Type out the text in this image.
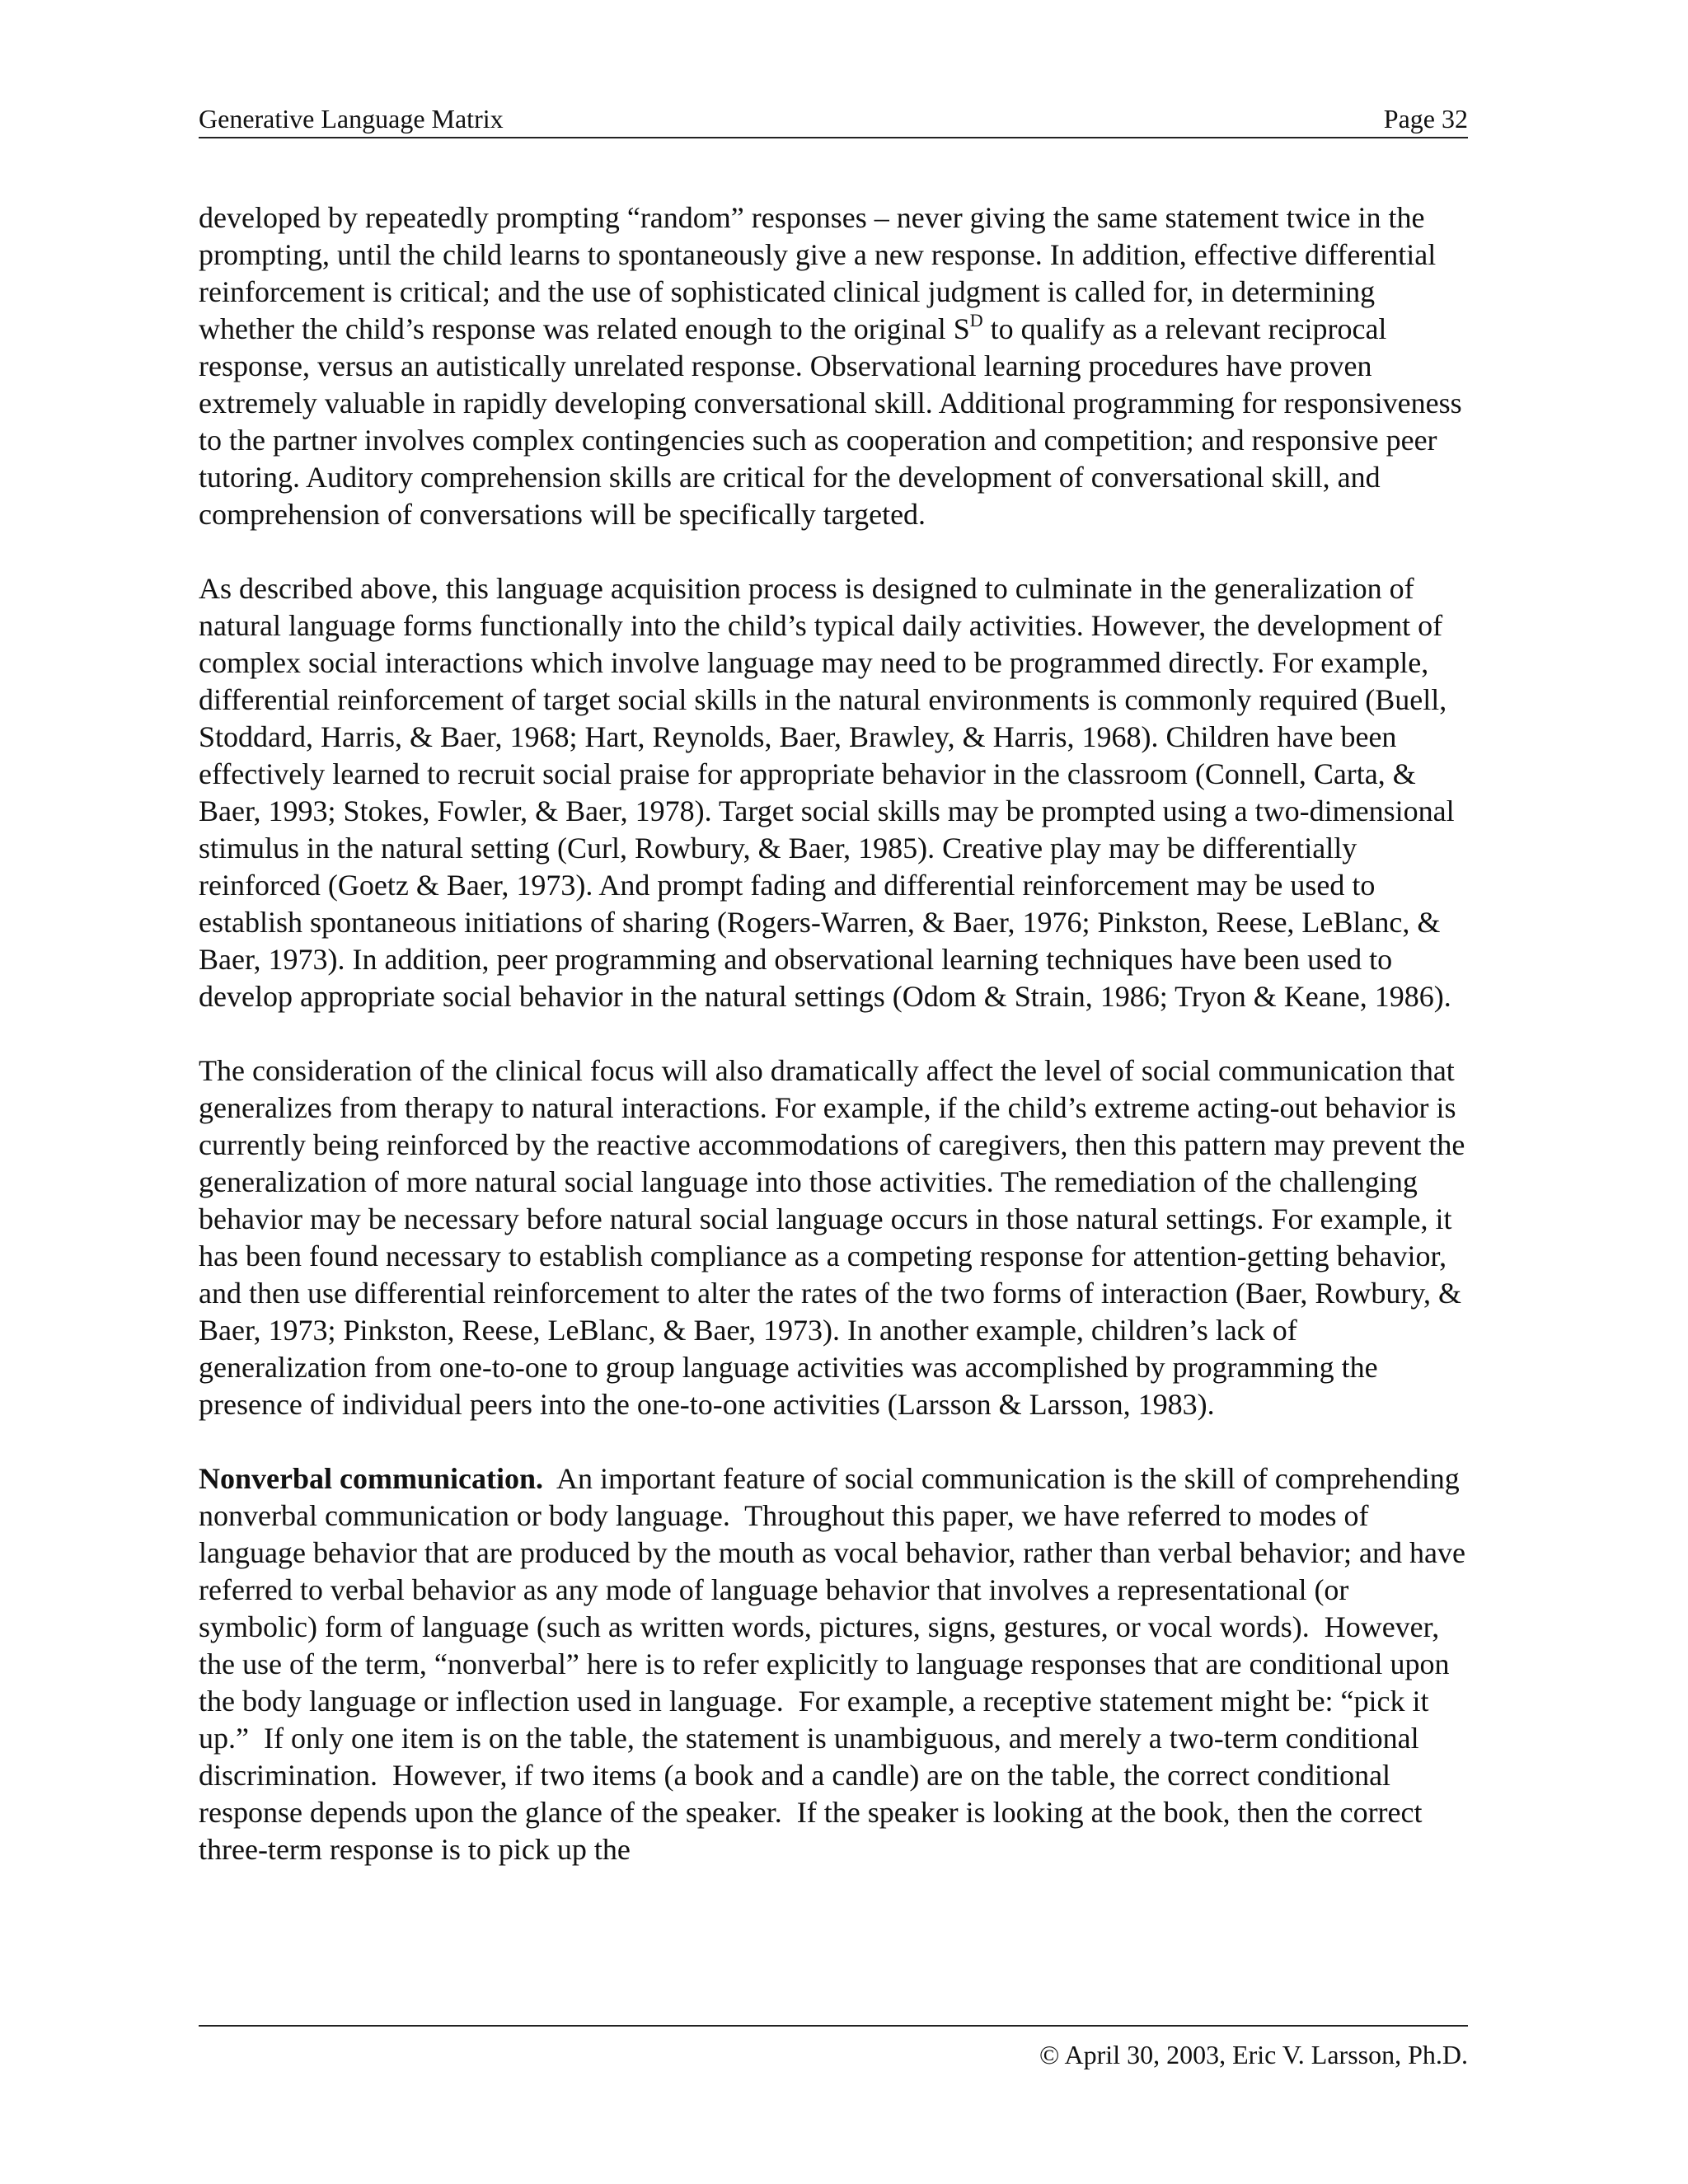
Generative Language Matrix	Page 32

developed by repeatedly prompting “random” responses – never giving the same statement twice in the prompting, until the child learns to spontaneously give a new response. In addition, effective differential reinforcement is critical; and the use of sophisticated clinical judgment is called for, in determining whether the child’s response was related enough to the original $S^D$ to qualify as a relevant reciprocal response, versus an autistically unrelated response. Observational learning procedures have proven extremely valuable in rapidly developing conversational skill. Additional programming for responsiveness to the partner involves complex contingencies such as cooperation and competition; and responsive peer tutoring. Auditory comprehension skills are critical for the development of conversational skill, and comprehension of conversations will be specifically targeted.

As described above, this language acquisition process is designed to culminate in the generalization of natural language forms functionally into the child’s typical daily activities. However, the development of complex social interactions which involve language may need to be programmed directly. For example, differential reinforcement of target social skills in the natural environments is commonly required (Buell, Stoddard, Harris, & Baer, 1968; Hart, Reynolds, Baer, Brawley, & Harris, 1968). Children have been effectively learned to recruit social praise for appropriate behavior in the classroom (Connell, Carta, & Baer, 1993; Stokes, Fowler, & Baer, 1978). Target social skills may be prompted using a two-dimensional stimulus in the natural setting (Curl, Rowbury, & Baer, 1985). Creative play may be differentially reinforced (Goetz & Baer, 1973). And prompt fading and differential reinforcement may be used to establish spontaneous initiations of sharing (Rogers-Warren, & Baer, 1976; Pinkston, Reese, LeBlanc, & Baer, 1973). In addition, peer programming and observational learning techniques have been used to develop appropriate social behavior in the natural settings (Odom & Strain, 1986; Tryon & Keane, 1986).

The consideration of the clinical focus will also dramatically affect the level of social communication that generalizes from therapy to natural interactions. For example, if the child’s extreme acting-out behavior is currently being reinforced by the reactive accommodations of caregivers, then this pattern may prevent the generalization of more natural social language into those activities. The remediation of the challenging behavior may be necessary before natural social language occurs in those natural settings. For example, it has been found necessary to establish compliance as a competing response for attention-getting behavior, and then use differential reinforcement to alter the rates of the two forms of interaction (Baer, Rowbury, & Baer, 1973; Pinkston, Reese, LeBlanc, & Baer, 1973). In another example, children’s lack of generalization from one-to-one to group language activities was accomplished by programming the presence of individual peers into the one-to-one activities (Larsson & Larsson, 1983).

Nonverbal communication.  An important feature of social communication is the skill of comprehending nonverbal communication or body language.  Throughout this paper, we have referred to modes of language behavior that are produced by the mouth as vocal behavior, rather than verbal behavior; and have referred to verbal behavior as any mode of language behavior that involves a representational (or symbolic) form of language (such as written words, pictures, signs, gestures, or vocal words).  However, the use of the term, “nonverbal” here is to refer explicitly to language responses that are conditional upon the body language or inflection used in language.  For example, a receptive statement might be: “pick it up.”  If only one item is on the table, the statement is unambiguous, and merely a two-term conditional discrimination.  However, if two items (a book and a candle) are on the table, the correct conditional response depends upon the glance of the speaker.  If the speaker is looking at the book, then the correct three-term response is to pick up the

© April 30, 2003, Eric V. Larsson, Ph.D.
